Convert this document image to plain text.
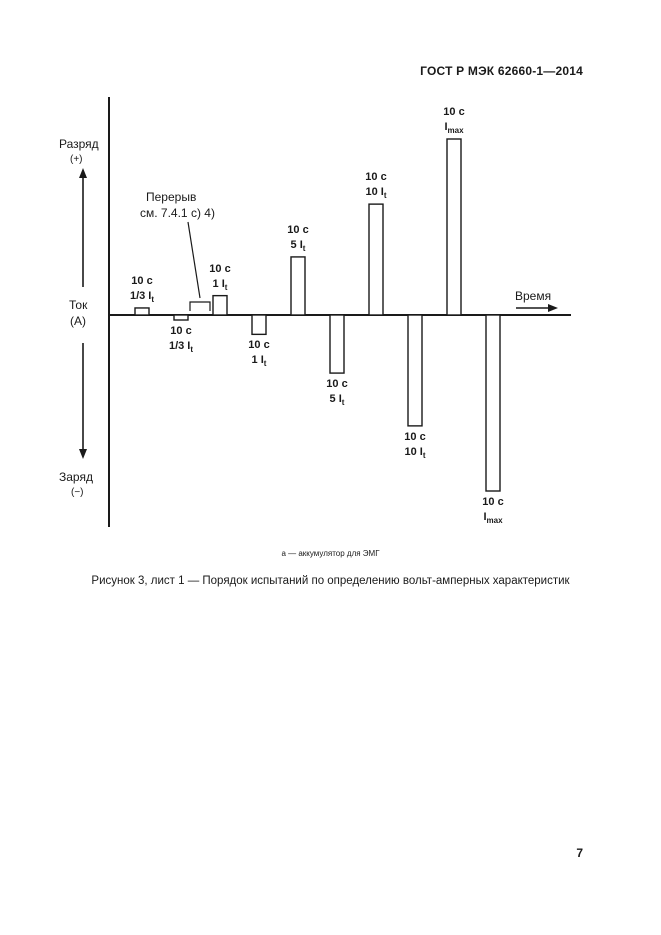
ГОСТ Р МЭК 62660-1—2014
Разряд
(+)
Ток
(А)
Заряд
(−)
Время
Перерыв
см. 7.4.1 с) 4)
10 с
1/3 $I_t$
10 с
1/3 $I_t$
10 с
1 $I_t$
10 с
1 $I_t$
10 с
5 $I_t$
10 с
5 $I_t$
10 с
10 $I_t$
10 с
10 $I_t$
10 с
$I_{max}$
10 с
$I_{max}$
а — аккумулятор для ЭМГ
Рисунок 3, лист 1 — Порядок испытаний по определению вольт-амперных характеристик
7
